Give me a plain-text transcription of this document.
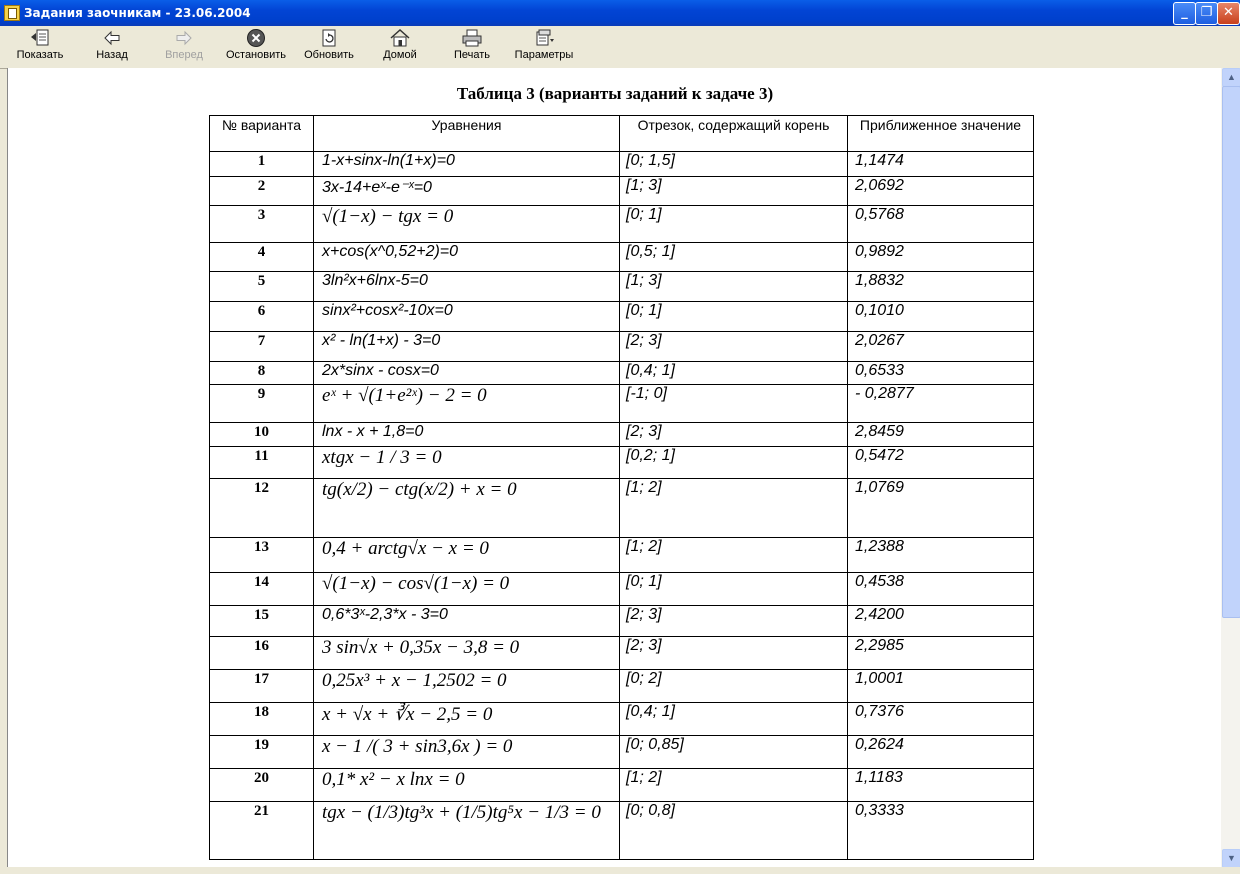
Задания заочникам - 23.06.2004	_ ❐ ✕
Показать	Назад	Вперед Остановить Обновить	Домой	Печать Параметры
Таблица 3 (варианты заданий к задаче 3)
№ варианта	Уравнения	Отрезок, содержащий корень	Приближенное значение
1	1-x+sinx-ln(1+x)=0	[0; 1,5]	1,1474
2	3x-14+eˣ-e⁻ˣ=0	[1; 3]	2,0692
3	√(1−x) − tgx = 0	[0; 1]	0,5768
4	x+cos(x^0,52+2)=0	[0,5; 1]	0,9892
5	3ln²x+6lnx-5=0	[1; 3]	1,8832
6	sinx²+cosx²-10x=0	[0; 1]	0,1010
7	x² - ln(1+x) - 3=0	[2; 3]	2,0267
8	2x*sinx - cosx=0	[0,4; 1]	0,6533
9	eˣ + √(1+e²ˣ) − 2 = 0	[-1; 0]	- 0,2877
10	lnx - x + 1,8=0	[2; 3]	2,8459
11	xtgx − 1 / 3 = 0	[0,2; 1]	0,5472
12	tg(x/2) − ctg(x/2) + x = 0	[1; 2]	1,0769
13	0,4 + arctg√x − x = 0	[1; 2]	1,2388
14	√(1−x) − cos√(1−x) = 0	[0; 1]	0,4538
15	0,6*3ˣ-2,3*x - 3=0	[2; 3]	2,4200
16	3 sin√x + 0,35x − 3,8 = 0	[2; 3]	2,2985
17	0,25x³ + x − 1,2502 = 0	[0; 2]	1,0001
18	x + √x + ∛x − 2,5 = 0	[0,4; 1]	0,7376
19	x − 1 /( 3 + sin3,6x ) = 0	[0; 0,85]	0,2624
20	0,1* x² − x lnx = 0	[1; 2]	1,1183
21	tgx − (1/3)tg³x + (1/5)tg⁵x − 1/3 = 0	[0; 0,8]	0,3333
▲
▼
